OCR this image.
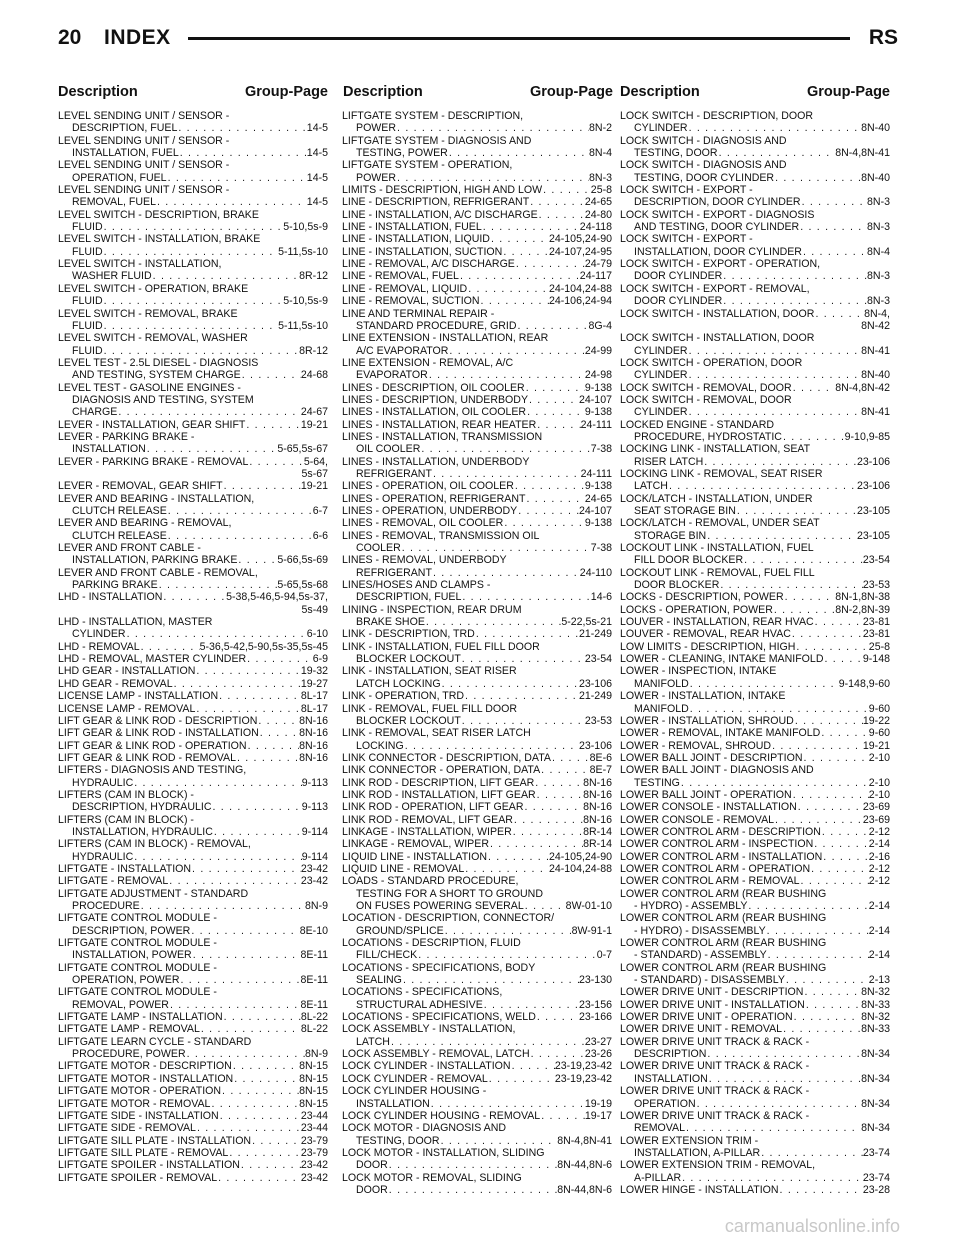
20 INDEX	RS
Description	Group-Page Description	Group-Page Description	Group-Page
LEVEL SENDING UNIT / SENSOR -
DESCRIPTION, FUEL . . .	14-5
LEVEL SENDING UNIT / SENSOR -
INSTALLATION, FUEL . . .	14-5
LEVEL SENDING UNIT / SENSOR -
OPERATION, FUEL . . .	14-5
LEVEL SENDING UNIT / SENSOR -
REMOVAL, FUEL . . .	14-5
LEVEL SWITCH - DESCRIPTION, BRAKE
FLUID . . .	5-10,5s-9
LEVEL SWITCH - INSTALLATION, BRAKE
FLUID . . .	5-11,5s-10
LEVEL SWITCH - INSTALLATION,
WASHER FLUID . . .	8R-12
LEVEL SWITCH - OPERATION, BRAKE
FLUID . . .	5-10,5s-9
LEVEL SWITCH - REMOVAL, BRAKE
FLUID . . .	5-11,5s-10
LEVEL SWITCH - REMOVAL, WASHER
FLUID . . .	8R-12
LEVEL TEST - 2.5L DIESEL - DIAGNOSIS
AND TESTING, SYSTEM CHARGE . . .	24-68
LEVEL TEST - GASOLINE ENGINES -
DIAGNOSIS AND TESTING, SYSTEM
CHARGE . . .	24-67
LEVER - INSTALLATION, GEAR SHIFT . . .	19-21
LEVER - PARKING BRAKE -
INSTALLATION . . .	5-65,5s-67
LEVER - PARKING BRAKE - REMOVAL . . .	5-64,
5s-67
LEVER - REMOVAL, GEAR SHIFT . . .	19-21
LEVER AND BEARING - INSTALLATION,
CLUTCH RELEASE . . .	6-7
LEVER AND BEARING - REMOVAL,
CLUTCH RELEASE . . .	6-6
LEVER AND FRONT CABLE -
INSTALLATION, PARKING BRAKE . . .	5-66,5s-69
LEVER AND FRONT CABLE - REMOVAL,
PARKING BRAKE . . .	5-65,5s-68
LHD - INSTALLATION . . .	5-38,5-46,5-94,5s-37,
5s-49
LHD - INSTALLATION, MASTER
CYLINDER . . .	6-10
LHD - REMOVAL . . .	5-36,5-42,5-90,5s-35,5s-45
LHD - REMOVAL, MASTER CYLINDER . . .	6-9
LHD GEAR - INSTALLATION . . .	19-32
LHD GEAR - REMOVAL . . .	19-27
LICENSE LAMP - INSTALLATION . . .	8L-17
LICENSE LAMP - REMOVAL . . .	8L-17
LIFT GEAR & LINK ROD - DESCRIPTION . . .	8N-16
LIFT GEAR & LINK ROD - INSTALLATION . . .	8N-16
LIFT GEAR & LINK ROD - OPERATION . . .	8N-16
LIFT GEAR & LINK ROD - REMOVAL . . .	8N-16
LIFTERS - DIAGNOSIS AND TESTING,
HYDRAULIC . . .	9-113
LIFTERS (CAM IN BLOCK) -
DESCRIPTION, HYDRAULIC . . .	9-113
LIFTERS (CAM IN BLOCK) -
INSTALLATION, HYDRAULIC . . .	9-114
LIFTERS (CAM IN BLOCK) - REMOVAL,
HYDRAULIC . . .	9-114
LIFTGATE - INSTALLATION . . .	23-42
LIFTGATE - REMOVAL . . .	23-42
LIFTGATE ADJUSTMENT - STANDARD
PROCEDURE . . .	8N-9
LIFTGATE CONTROL MODULE -
DESCRIPTION, POWER . . .	8E-10
LIFTGATE CONTROL MODULE -
INSTALLATION, POWER . . .	8E-11
LIFTGATE CONTROL MODULE -
OPERATION, POWER . . .	8E-11
LIFTGATE CONTROL MODULE -
REMOVAL, POWER . . .	8E-11
LIFTGATE LAMP - INSTALLATION . . .	8L-22
LIFTGATE LAMP - REMOVAL . . .	8L-22
LIFTGATE LEARN CYCLE - STANDARD
PROCEDURE, POWER . . .	8N-9
LIFTGATE MOTOR - DESCRIPTION . . .	8N-15
LIFTGATE MOTOR - INSTALLATION . . .	8N-15
LIFTGATE MOTOR - OPERATION . . .	8N-15
LIFTGATE MOTOR - REMOVAL . . .	8N-15
LIFTGATE SIDE - INSTALLATION . . .	23-44
LIFTGATE SIDE - REMOVAL . . .	23-44
LIFTGATE SILL PLATE - INSTALLATION . . .	23-79
LIFTGATE SILL PLATE - REMOVAL . . .	23-79
LIFTGATE SPOILER - INSTALLATION . . .	23-42
LIFTGATE SPOILER - REMOVAL . . .	23-42
LIFTGATE SYSTEM - DESCRIPTION,
POWER . . .	8N-2
LIFTGATE SYSTEM - DIAGNOSIS AND
TESTING, POWER . . .	8N-4
LIFTGATE SYSTEM - OPERATION,
POWER . . .	8N-3
LIMITS - DESCRIPTION, HIGH AND LOW . . .	25-8
LINE - DESCRIPTION, REFRIGERANT . . .	24-65
LINE - INSTALLATION, A/C DISCHARGE . . .	24-80
LINE - INSTALLATION, FUEL . . .	24-118
LINE - INSTALLATION, LIQUID . . .	24-105,24-90
LINE - INSTALLATION, SUCTION . . .	24-107,24-95
LINE - REMOVAL, A/C DISCHARGE . . .	24-79
LINE - REMOVAL, FUEL . . .	24-117
LINE - REMOVAL, LIQUID . . .	24-104,24-88
LINE - REMOVAL, SUCTION . . .	24-106,24-94
LINE AND TERMINAL REPAIR -
STANDARD PROCEDURE, GRID . . .	8G-4
LINE EXTENSION - INSTALLATION, REAR
A/C EVAPORATOR . . .	24-99
LINE EXTENSION - REMOVAL, A/C
EVAPORATOR . . .	24-98
LINES - DESCRIPTION, OIL COOLER . . .	9-138
LINES - DESCRIPTION, UNDERBODY . . .	24-107
LINES - INSTALLATION, OIL COOLER . . .	9-138
LINES - INSTALLATION, REAR HEATER . . .	24-111
LINES - INSTALLATION, TRANSMISSION
OIL COOLER . . .	7-38
LINES - INSTALLATION, UNDERBODY
REFRIGERANT . . .	24-111
LINES - OPERATION, OIL COOLER . . .	9-138
LINES - OPERATION, REFRIGERANT . . .	24-65
LINES - OPERATION, UNDERBODY . . .	24-107
LINES - REMOVAL, OIL COOLER . . .	9-138
LINES - REMOVAL, TRANSMISSION OIL
COOLER . . .	7-38
LINES - REMOVAL, UNDERBODY
REFRIGERANT . . .	24-110
LINES/HOSES AND CLAMPS -
DESCRIPTION, FUEL . . .	14-6
LINING - INSPECTION, REAR DRUM
BRAKE SHOE . . .	5-22,5s-21
LINK - DESCRIPTION, TRD . . .	21-249
LINK - INSTALLATION, FUEL FILL DOOR
BLOCKER LOCKOUT . . .	23-54
LINK - INSTALLATION, SEAT RISER
LATCH LOCKING . . .	23-106
LINK - OPERATION, TRD . . .	21-249
LINK - REMOVAL, FUEL FILL DOOR
BLOCKER LOCKOUT . . .	23-53
LINK - REMOVAL, SEAT RISER LATCH
LOCKING . . .	23-106
LINK CONNECTOR - DESCRIPTION, DATA . . .	8E-6
LINK CONNECTOR - OPERATION, DATA . . .	8E-7
LINK ROD - DESCRIPTION, LIFT GEAR . . .	8N-16
LINK ROD - INSTALLATION, LIFT GEAR . . .	8N-16
LINK ROD - OPERATION, LIFT GEAR . . .	8N-16
LINK ROD - REMOVAL, LIFT GEAR . . .	8N-16
LINKAGE - INSTALLATION, WIPER . . .	8R-14
LINKAGE - REMOVAL, WIPER . . .	8R-14
LIQUID LINE - INSTALLATION . . .	24-105,24-90
LIQUID LINE - REMOVAL . . .	24-104,24-88
LOADS - STANDARD PROCEDURE,
TESTING FOR A SHORT TO GROUND
ON FUSES POWERING SEVERAL . . .	8W-01-10
LOCATION - DESCRIPTION, CONNECTOR/
GROUND/SPLICE . . .	8W-91-1
LOCATIONS - DESCRIPTION, FLUID
FILL/CHECK . . .	0-7
LOCATIONS - SPECIFICATIONS, BODY
SEALING . . .	23-130
LOCATIONS - SPECIFICATIONS,
STRUCTURAL ADHESIVE . . .	23-156
LOCATIONS - SPECIFICATIONS, WELD . . .	23-166
LOCK ASSEMBLY - INSTALLATION,
LATCH . . .	23-27
LOCK ASSEMBLY - REMOVAL, LATCH . . .	23-26
LOCK CYLINDER - INSTALLATION . . .	23-19,23-42
LOCK CYLINDER - REMOVAL . . .	23-19,23-42
LOCK CYLINDER HOUSING -
INSTALLATION . . .	19-19
LOCK CYLINDER HOUSING - REMOVAL . . .	19-17
LOCK MOTOR - DIAGNOSIS AND
TESTING, DOOR . . .	8N-4,8N-41
LOCK MOTOR - INSTALLATION, SLIDING
DOOR . . .	8N-44,8N-6
LOCK MOTOR - REMOVAL, SLIDING
DOOR . . .	8N-44,8N-6
LOCK SWITCH - DESCRIPTION, DOOR
CYLINDER . . .	8N-40
LOCK SWITCH - DIAGNOSIS AND
TESTING, DOOR . . .	8N-4,8N-41
LOCK SWITCH - DIAGNOSIS AND
TESTING, DOOR CYLINDER . . .	8N-40
LOCK SWITCH - EXPORT -
DESCRIPTION, DOOR CYLINDER . . .	8N-3
LOCK SWITCH - EXPORT - DIAGNOSIS
AND TESTING, DOOR CYLINDER . . .	8N-3
LOCK SWITCH - EXPORT -
INSTALLATION, DOOR CYLINDER . . .	8N-4
LOCK SWITCH - EXPORT - OPERATION,
DOOR CYLINDER . . .	8N-3
LOCK SWITCH - EXPORT - REMOVAL,
DOOR CYLINDER . . .	8N-3
LOCK SWITCH - INSTALLATION, DOOR . . .	8N-4,
8N-42
LOCK SWITCH - INSTALLATION, DOOR
CYLINDER . . .	8N-41
LOCK SWITCH - OPERATION, DOOR
CYLINDER . . .	8N-40
LOCK SWITCH - REMOVAL, DOOR . . .	8N-4,8N-42
LOCK SWITCH - REMOVAL, DOOR
CYLINDER . . .	8N-41
LOCKED ENGINE - STANDARD
PROCEDURE, HYDROSTATIC . . .	9-10,9-85
LOCKING LINK - INSTALLATION, SEAT
RISER LATCH . . .	23-106
LOCKING LINK - REMOVAL, SEAT RISER
LATCH . . .	23-106
LOCK/LATCH - INSTALLATION, UNDER
SEAT STORAGE BIN . . .	23-105
LOCK/LATCH - REMOVAL, UNDER SEAT
STORAGE BIN . . .	23-105
LOCKOUT LINK - INSTALLATION, FUEL
FILL DOOR BLOCKER . . .	23-54
LOCKOUT LINK - REMOVAL, FUEL FILL
DOOR BLOCKER . . .	23-53
LOCKS - DESCRIPTION, POWER . . .	8N-1,8N-38
LOCKS - OPERATION, POWER . . .	8N-2,8N-39
LOUVER - INSTALLATION, REAR HVAC . . .	23-81
LOUVER - REMOVAL, REAR HVAC . . .	23-81
LOW LIMITS - DESCRIPTION, HIGH . . .	25-8
LOWER - CLEANING, INTAKE MANIFOLD . . .	9-148
LOWER - INSPECTION, INTAKE
MANIFOLD . . .	9-148,9-60
LOWER - INSTALLATION, INTAKE
MANIFOLD . . .	9-60
LOWER - INSTALLATION, SHROUD . . .	19-22
LOWER - REMOVAL, INTAKE MANIFOLD . . .	9-60
LOWER - REMOVAL, SHROUD . . .	19-21
LOWER BALL JOINT - DESCRIPTION . . .	2-10
LOWER BALL JOINT - DIAGNOSIS AND
TESTING . . .	2-10
LOWER BALL JOINT - OPERATION . . .	2-10
LOWER CONSOLE - INSTALLATION . . .	23-69
LOWER CONSOLE - REMOVAL . . .	23-69
LOWER CONTROL ARM - DESCRIPTION . . .	2-12
LOWER CONTROL ARM - INSPECTION . . .	2-14
LOWER CONTROL ARM - INSTALLATION . . .	2-16
LOWER CONTROL ARM - OPERATION . . .	2-12
LOWER CONTROL ARM - REMOVAL . . .	2-12
LOWER CONTROL ARM (REAR BUSHING
- HYDRO) - ASSEMBLY . . .	2-14
LOWER CONTROL ARM (REAR BUSHING
- HYDRO) - DISASSEMBLY . . .	2-14
LOWER CONTROL ARM (REAR BUSHING
- STANDARD) - ASSEMBLY . . .	2-14
LOWER CONTROL ARM (REAR BUSHING
- STANDARD) - DISASSEMBLY . . .	2-13
LOWER DRIVE UNIT - DESCRIPTION . . .	8N-32
LOWER DRIVE UNIT - INSTALLATION . . .	8N-33
LOWER DRIVE UNIT - OPERATION . . .	8N-32
LOWER DRIVE UNIT - REMOVAL . . .	8N-33
LOWER DRIVE UNIT TRACK & RACK -
DESCRIPTION . . .	8N-34
LOWER DRIVE UNIT TRACK & RACK -
INSTALLATION . . .	8N-34
LOWER DRIVE UNIT TRACK & RACK -
OPERATION . . .	8N-34
LOWER DRIVE UNIT TRACK & RACK -
REMOVAL . . .	8N-34
LOWER EXTENSION TRIM -
INSTALLATION, A-PILLAR . . .	23-74
LOWER EXTENSION TRIM - REMOVAL,
A-PILLAR . . .	23-74
LOWER HINGE - INSTALLATION . . .	23-28
carmanualsonline.info
